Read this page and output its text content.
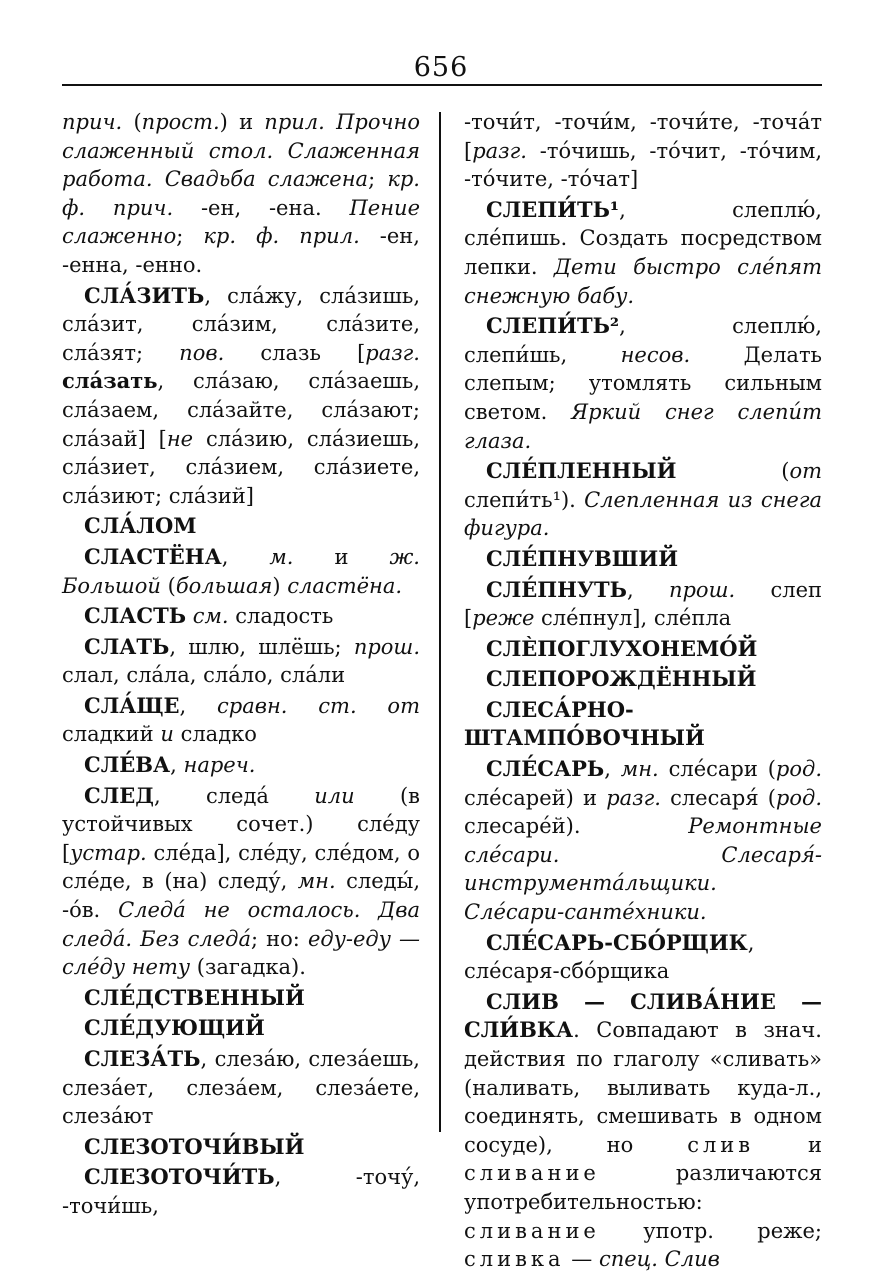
656

прич. (прост.) и прил. Прочно слаженный стол. Слаженная работа. Свадьба слажена; кр. ф. прич. -ен, -ена. Пение слаженно; кр. ф. прил. -ен, -енна, -енно.

СЛА́ЗИТЬ, сла́жу, сла́зишь, сла́зит, сла́зим, сла́зите, сла́зят; пов. слазь [разг. сла́зать, сла́заю, сла́заешь, сла́заем, сла́зайте, сла́зают; сла́зай] [не сла́зию, сла́зиешь, сла́зиет, сла́зием, сла́зиете, сла́зиют; сла́зий]

СЛА́ЛОМ

СЛАСТЁНА, м. и ж. Большой (большая) сластёна.

СЛАСТЬ см. сладость

СЛАТЬ, шлю, шлёшь; прош. слал, сла́ла, сла́ло, сла́ли

СЛА́ЩЕ, сравн. ст. от сладкий и сладко

СЛЕ́ВА, нареч.

СЛЕД, следа́ или (в устойчивых сочет.) сле́ду [устар. сле́да], сле́ду, сле́дом, о сле́де, в (на) следу́, мн. следы́, -о́в. Следа́ не осталось. Два следа́. Без следа́; но: еду-еду — сле́ду нету (загадка).

СЛЕ́ДСТВЕННЫЙ

СЛЕ́ДУЮЩИЙ

СЛЕЗА́ТЬ, слеза́ю, слеза́ешь, слеза́ет, слеза́ем, слеза́ете, слеза́ют

СЛЕЗОТОЧИ́ВЫЙ

СЛЕЗОТОЧИ́ТЬ, -точу́, -точи́шь,

-точи́т, -точи́м, -точи́те, -точа́т [разг. -то́чишь, -то́чит, -то́чим, -то́чите, -то́чат]

СЛЕПИ́ТЬ¹, слеплю́, сле́пишь. Создать посредством лепки. Дети быстро сле́пят снежную бабу.

СЛЕПИ́ТЬ², слеплю́, слепи́шь, несов. Делать слепым; утомлять сильным светом. Яркий снег слепи́т глаза.

СЛЕ́ПЛЕННЫЙ (от слепи́ть¹). Слепленная из снега фигура.

СЛЕ́ПНУВШИЙ

СЛЕ́ПНУТЬ, прош. слеп [реже сле́пнул], сле́пла

СЛЀПОГЛУХОНЕМО́Й

СЛЕПОРОЖДЁННЫЙ

СЛЕСА́РНО-ШТАМПО́ВОЧНЫЙ

СЛЕ́САРЬ, мн. сле́сари (род. сле́сарей) и разг. слесаря́ (род. слесаре́й). Ремонтные сле́сари. Слесаря́-инструмента́льщики. Сле́сари-санте́хники.

СЛЕ́САРЬ-СБО́РЩИК, сле́саря-сбо́рщика

СЛИВ — СЛИВА́НИЕ — СЛИ́ВКА. Совпадают в знач. действия по глаголу «сливать» (наливать, выливать куда-л., соединять, смешивать в одном сосуде), но слив и сливание различаются употребительностью: сливание употр. реже; сливка — спец. Слив
